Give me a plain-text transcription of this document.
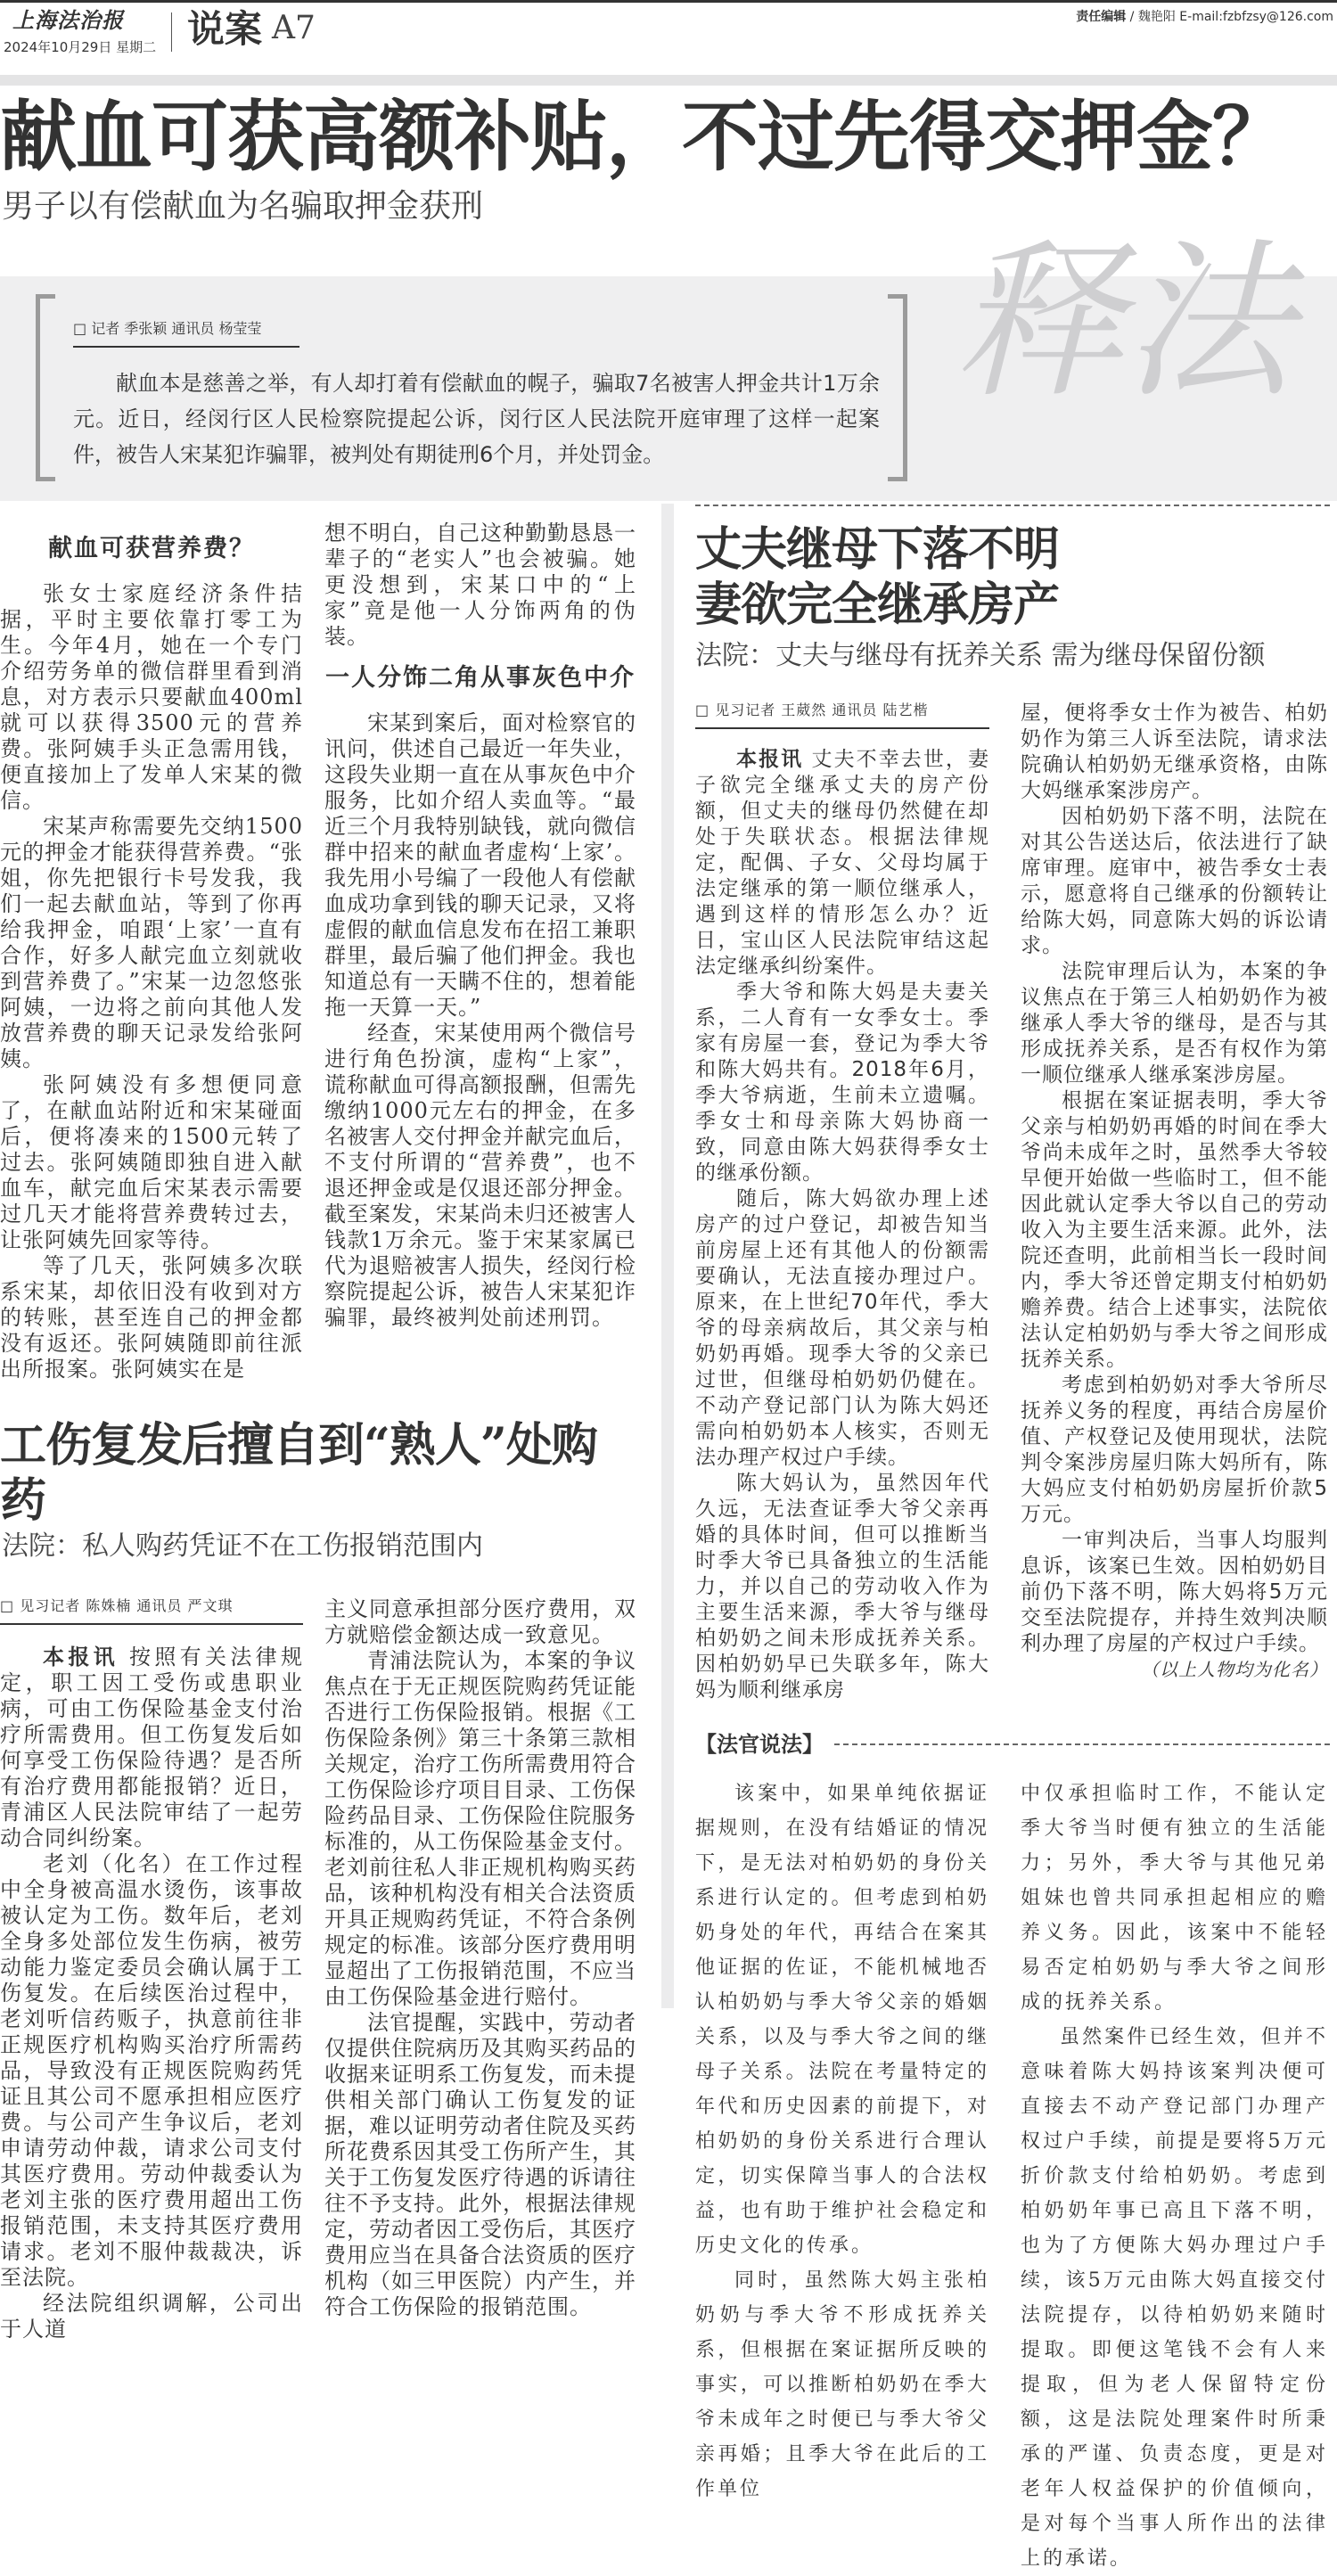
上海法治报
2024年10月29日 星期二 说案 A7	责任编辑 / 魏艳阳 E-mail:fzbfzsy@126.com
献血可获高额补贴，不过先得交押金？
男子以有偿献血为名骗取押金获刑
释法
□ 记者 季张颖 通讯员 杨莹莹
献血本是慈善之举，有人却打着有偿献血的幌子，骗取7名被害人押金共计1万余元。近日，经闵行区人民检察院提起公诉，闵行区人民法院开庭审理了这样一起案件，被告人宋某犯诈骗罪，被判处有期徒刑6个月，并处罚金。
献血可获营养费？

张女士家庭经济条件拮据，平时主要依靠打零工为生。今年4月，她在一个专门介绍劳务单的微信群里看到消息，对方表示只要献血400ml就可以获得3500元的营养费。张阿姨手头正急需用钱，便直接加上了发单人宋某的微信。

宋某声称需要先交纳1500元的押金才能获得营养费。“张姐，你先把银行卡号发我，我们一起去献血站，等到了你再给我押金，咱跟‘上家’一直有合作，好多人献完血立刻就收到营养费了。”宋某一边忽悠张阿姨，一边将之前向其他人发放营养费的聊天记录发给张阿姨。

张阿姨没有多想便同意了，在献血站附近和宋某碰面后，便将凑来的1500元转了过去。张阿姨随即独自进入献血车，献完血后宋某表示需要过几天才能将营养费转过去，让张阿姨先回家等待。

等了几天，张阿姨多次联系宋某，却依旧没有收到对方的转账，甚至连自己的押金都没有返还。张阿姨随即前往派出所报案。张阿姨实在是

想不明白，自己这种勤勤恳恳一辈子的“老实人”也会被骗。她更没想到，宋某口中的“上家”竟是他一人分饰两角的伪装。

一人分饰二角从事灰色中介

宋某到案后，面对检察官的讯问，供述自己最近一年失业，这段失业期一直在从事灰色中介服务，比如介绍人卖血等。“最近三个月我特别缺钱，就向微信群中招来的献血者虚构‘上家’。我先用小号编了一段他人有偿献血成功拿到钱的聊天记录，又将虚假的献血信息发布在招工兼职群里，最后骗了他们押金。我也知道总有一天瞒不住的，想着能拖一天算一天。”

经查，宋某使用两个微信号进行角色扮演，虚构“上家”，谎称献血可得高额报酬，但需先缴纳1000元左右的押金，在多名被害人交付押金并献完血后，不支付所谓的“营养费”，也不退还押金或是仅退还部分押金。截至案发，宋某尚未归还被害人钱款1万余元。鉴于宋某家属已代为退赔被害人损失，经闵行检察院提起公诉，被告人宋某犯诈骗罪，最终被判处前述刑罚。

工伤复发后擅自到“熟人”处购药
法院：私人购药凭证不在工伤报销范围内
□ 见习记者 陈姝楠 通讯员 严文琪

本报讯 按照有关法律规定，职工因工受伤或患职业病，可由工伤保险基金支付治疗所需费用。但工伤复发后如何享受工伤保险待遇？是否所有治疗费用都能报销？近日，青浦区人民法院审结了一起劳动合同纠纷案。

老刘（化名）在工作过程中全身被高温水烫伤，该事故被认定为工伤。数年后，老刘全身多处部位发生伤病，被劳动能力鉴定委员会确认属于工伤复发。在后续医治过程中，老刘听信药贩子，执意前往非正规医疗机构购买治疗所需药品，导致没有正规医院购药凭证且其公司不愿承担相应医疗费。与公司产生争议后，老刘申请劳动仲裁，请求公司支付其医疗费用。劳动仲裁委认为老刘主张的医疗费用超出工伤报销范围，未支持其医疗费用请求。老刘不服仲裁裁决，诉至法院。

经法院组织调解，公司出于人道

主义同意承担部分医疗费用，双方就赔偿金额达成一致意见。

青浦法院认为，本案的争议焦点在于无正规医院购药凭证能否进行工伤保险报销。根据《工伤保险条例》第三十条第三款相关规定，治疗工伤所需费用符合工伤保险诊疗项目目录、工伤保险药品目录、工伤保险住院服务标准的，从工伤保险基金支付。老刘前往私人非正规机构购买药品，该种机构没有相关合法资质开具正规购药凭证，不符合条例规定的标准。该部分医疗费用明显超出了工伤报销范围，不应当由工伤保险基金进行赔付。

法官提醒，实践中，劳动者仅提供住院病历及其购买药品的收据来证明系工伤复发，而未提供相关部门确认工伤复发的证据，难以证明劳动者住院及买药所花费系因其受工伤所产生，其关于工伤复发医疗待遇的诉请往往不予支持。此外，根据法律规定，劳动者因工受伤后，其医疗费用应当在具备合法资质的医疗机构（如三甲医院）内产生，并符合工伤保险的报销范围。

丈夫继母下落不明
妻欲完全继承房产
法院：丈夫与继母有抚养关系 需为继母保留份额
□ 见习记者 王葳然 通讯员 陆艺楷

本报讯 丈夫不幸去世，妻子欲完全继承丈夫的房产份额，但丈夫的继母仍然健在却处于失联状态。根据法律规定，配偶、子女、父母均属于法定继承的第一顺位继承人，遇到这样的情形怎么办？近日，宝山区人民法院审结这起法定继承纠纷案件。

季大爷和陈大妈是夫妻关系，二人育有一女季女士。季家有房屋一套，登记为季大爷和陈大妈共有。2018年6月，季大爷病逝，生前未立遗嘱。季女士和母亲陈大妈协商一致，同意由陈大妈获得季女士的继承份额。

随后，陈大妈欲办理上述房产的过户登记，却被告知当前房屋上还有其他人的份额需要确认，无法直接办理过户。原来，在上世纪70年代，季大爷的母亲病故后，其父亲与柏奶奶再婚。现季大爷的父亲已过世，但继母柏奶奶仍健在。不动产登记部门认为陈大妈还需向柏奶奶本人核实，否则无法办理产权过户手续。

陈大妈认为，虽然因年代久远，无法查证季大爷父亲再婚的具体时间，但可以推断当时季大爷已具备独立的生活能力，并以自己的劳动收入作为主要生活来源，季大爷与继母柏奶奶之间未形成抚养关系。因柏奶奶早已失联多年，陈大妈为顺利继承房

屋，便将季女士作为被告、柏奶奶作为第三人诉至法院，请求法院确认柏奶奶无继承资格，由陈大妈继承案涉房产。

因柏奶奶下落不明，法院在对其公告送达后，依法进行了缺席审理。庭审中，被告季女士表示，愿意将自己继承的份额转让给陈大妈，同意陈大妈的诉讼请求。

法院审理后认为，本案的争议焦点在于第三人柏奶奶作为被继承人季大爷的继母，是否与其形成抚养关系，是否有权作为第一顺位继承人继承案涉房屋。

根据在案证据表明，季大爷父亲与柏奶奶再婚的时间在季大爷尚未成年之时，虽然季大爷较早便开始做一些临时工，但不能因此就认定季大爷以自己的劳动收入为主要生活来源。此外，法院还查明，此前相当长一段时间内，季大爷还曾定期支付柏奶奶赡养费。结合上述事实，法院依法认定柏奶奶与季大爷之间形成抚养关系。

考虑到柏奶奶对季大爷所尽抚养义务的程度，再结合房屋价值、产权登记及使用现状，法院判令案涉房屋归陈大妈所有，陈大妈应支付柏奶奶房屋折价款5万元。

一审判决后，当事人均服判息诉，该案已生效。因柏奶奶目前仍下落不明，陈大妈将5万元交至法院提存，并持生效判决顺利办理了房屋的产权过户手续。
（以上人物均为化名）

【法官说法】

该案中，如果单纯依据证据规则，在没有结婚证的情况下，是无法对柏奶奶的身份关系进行认定的。但考虑到柏奶奶身处的年代，再结合在案其他证据的佐证，不能机械地否认柏奶奶与季大爷父亲的婚姻关系，以及与季大爷之间的继母子关系。法院在考量特定的年代和历史因素的前提下，对柏奶奶的身份关系进行合理认定，切实保障当事人的合法权益，也有助于维护社会稳定和历史文化的传承。

同时，虽然陈大妈主张柏奶奶与季大爷不形成抚养关系，但根据在案证据所反映的事实，可以推断柏奶奶在季大爷未成年之时便已与季大爷父亲再婚；且季大爷在此后的工作单位

中仅承担临时工作，不能认定季大爷当时便有独立的生活能力；另外，季大爷与其他兄弟姐妹也曾共同承担起相应的赡养义务。因此，该案中不能轻易否定柏奶奶与季大爷之间形成的抚养关系。

虽然案件已经生效，但并不意味着陈大妈持该案判决便可直接去不动产登记部门办理产权过户手续，前提是要将5万元折价款支付给柏奶奶。考虑到柏奶奶年事已高且下落不明，也为了方便陈大妈办理过户手续，该5万元由陈大妈直接交付法院提存，以待柏奶奶来随时提取。即便这笔钱不会有人来提取，但为老人保留特定份额，这是法院处理案件时所秉承的严谨、负责态度，更是对老年人权益保护的价值倾向，是对每个当事人所作出的法律上的承诺。
